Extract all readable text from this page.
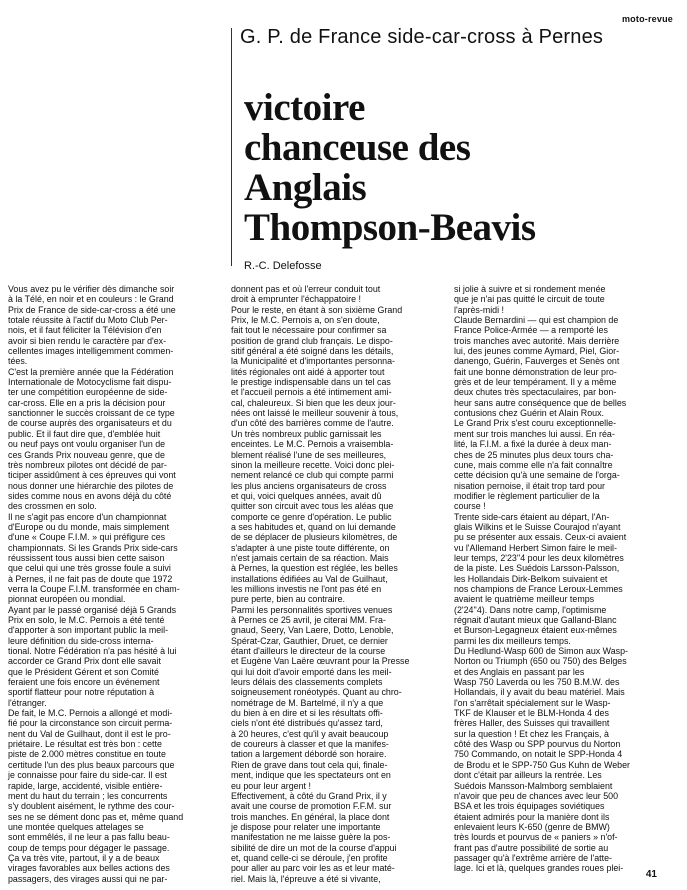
moto-revue
G. P. de France side-car-cross à Pernes
victoire
chanceuse des
Anglais
Thompson-Beavis
R.-C. Delefosse

Vous avez pu le vérifier dès dimanche soir
à la Télé, en noir et en couleurs : le Grand
Prix de France de side-car-cross a été une
totale réussite à l'actif du Moto Club Per-
nois, et il faut féliciter la Télévision d'en
avoir si bien rendu le caractère par d'ex-
cellentes images intelligemment commen-
tées.
C'est la première année que la Fédération
Internationale de Motocyclisme fait dispu-
ter une compétition européenne de side-
car-cross. Elle en a pris la décision pour
sanctionner le succès croissant de ce type
de course auprès des organisateurs et du
public. Et il faut dire que, d'emblée huit
ou neuf pays ont voulu organiser l'un de
ces Grands Prix nouveau genre, que de
très nombreux pilotes ont décidé de par-
ticiper assidûment à ces épreuves qui vont
nous donner une hiérarchie des pilotes de
sides comme nous en avons déjà du côté
des crossmen en solo.
Il ne s'agit pas encore d'un championnat
d'Europe ou du monde, mais simplement
d'une « Coupe F.I.M. » qui préfigure ces
championnats. Si les Grands Prix side-cars
réussissent tous aussi bien cette saison
que celui qui une très grosse foule a suivi
à Pernes, il ne fait pas de doute que 1972
verra la Coupe F.I.M. transformée en cham-
pionnat européen ou mondial.
Ayant par le passé organisé déjà 5 Grands
Prix en solo, le M.C. Pernois a été tenté
d'apporter à son important public la meil-
leure définition du side-cross interna-
tional. Notre Fédération n'a pas hésité à lui
accorder ce Grand Prix dont elle savait
que le Président Gérent et son Comité
feraient une fois encore un événement
sportif flatteur pour notre réputation à
l'étranger.
De fait, le M.C. Pernois a allongé et modi-
fié pour la circonstance son circuit perma-
nent du Val de Guilhaut, dont il est le pro-
priétaire. Le résultat est très bon : cette
piste de 2.000 mètres constitue en toute
certitude l'un des plus beaux parcours que
je connaisse pour faire du side-car. Il est
rapide, large, accidenté, visible entière-
ment du haut du terrain ; les concurrents
s'y doublent aisément, le rythme des cour-
ses ne se dément donc pas et, même quand
une montée quelques attelages se
sont emmêlés, il ne leur a pas fallu beau-
coup de temps pour dégager le passage.
Ça va très vite, partout, il y a de beaux
virages favorables aux belles actions des
passagers, des virages aussi qui ne par-

donnent pas et où l'erreur conduit tout
droit à emprunter l'échappatoire !
Pour le reste, en étant à son sixième Grand
Prix, le M.C. Pernois a, on s'en doute,
fait tout le nécessaire pour confirmer sa
position de grand club français. Le dispo-
sitif général a été soigné dans les détails,
la Municipalité et d'importantes personna-
lités régionales ont aidé à apporter tout
le prestige indispensable dans un tel cas
et l'accueil pernois a été intimement ami-
cal, chaleureux. Si bien que les deux jour-
nées ont laissé le meilleur souvenir à tous,
d'un côté des barrières comme de l'autre.
Un très nombreux public garnissait les
enceintes. Le M.C. Pernois a vraisembla-
blement réalisé l'une de ses meilleures,
sinon la meilleure recette. Voici donc plei-
nement relancé ce club qui compte parmi
les plus anciens organisateurs de cross
et qui, voici quelques années, avait dû
quitter son circuit avec tous les aléas que
comporte ce genre d'opération. Le public
a ses habitudes et, quand on lui demande
de se déplacer de plusieurs kilomètres, de
s'adapter à une piste toute différente, on
n'est jamais certain de sa réaction. Mais
à Pernes, la question est réglée, les belles
installations édifiées au Val de Guilhaut,
les millions investis ne l'ont pas été en
pure perte, bien au contraire.
Parmi les personnalités sportives venues
à Pernes ce 25 avril, je citerai MM. Fra-
gnaud, Seery, Van Laere, Dotto, Lenoble,
Spérat-Czar, Gauthier, Druet, ce dernier
étant d'ailleurs le directeur de la course
et Eugène Van Laëre œuvrant pour la Presse
qui lui doit d'avoir emporté dans les meil-
leurs délais des classements complets
soigneusement ronéotypés. Quant au chro-
nométrage de M. Bartelmé, il n'y a que
du bien à en dire et si les résultats offi-
ciels n'ont été distribués qu'assez tard,
à 20 heures, c'est qu'il y avait beaucoup
de coureurs à classer et que la manifes-
tation a largement débordé son horaire.
Rien de grave dans tout cela qui, finale-
ment, indique que les spectateurs ont en
eu pour leur argent !
Effectivement, à côté du Grand Prix, il y
avait une course de promotion F.F.M. sur
trois manches. En général, la place dont
je dispose pour relater une importante
manifestation ne me laisse guère la pos-
sibilité de dire un mot de la course d'appui
et, quand celle-ci se déroule, j'en profite
pour aller au parc voir les as et leur maté-
riel. Mais là, l'épreuve a été si vivante,

si jolie à suivre et si rondement menée
que je n'ai pas quitté le circuit de toute
l'après-midi !
Claude Bernardini — qui est champion de
France Police-Armée — a remporté les
trois manches avec autorité. Mais derrière
lui, des jeunes comme Aymard, Piel, Gior-
danengo, Guérin, Fauverges et Senès ont
fait une bonne démonstration de leur pro-
grès et de leur tempérament. Il y a même
deux chutes très spectaculaires, par bon-
heur sans autre conséquence que de belles
contusions chez Guérin et Alain Roux.
Le Grand Prix s'est couru exceptionnelle-
ment sur trois manches lui aussi. En réa-
lité, la F.I.M. a fixé la durée à deux man-
ches de 25 minutes plus deux tours cha-
cune, mais comme elle n'a fait connaître
cette décision qu'à une semaine de l'orga-
nisation pernoise, il était trop tard pour
modifier le règlement particulier de la
course !
Trente side-cars étaient au départ, l'An-
glais Wilkins et le Suisse Courajod n'ayant
pu se présenter aux essais. Ceux-ci avaient
vu l'Allemand Herbert Simon faire le meil-
leur temps, 2'23''4 pour les deux kilomètres
de la piste. Les Suédois Larsson-Palsson,
les Hollandais Dirk-Belkom suivaient et
nos champions de France Leroux-Lemmes
avaient le quatrième meilleur temps
(2'24''4). Dans notre camp, l'optimisme
régnait d'autant mieux que Galland-Blanc
et Burson-Legagneux étaient eux-mêmes
parmi les dix meilleurs temps.
Du Hedlund-Wasp 600 de Simon aux Wasp-
Norton ou Triumph (650 ou 750) des Belges
et des Anglais en passant par les
Wasp 750 Laverda ou les 750 B.M.W. des
Hollandais, il y avait du beau matériel. Mais
l'on s'arrêtait spécialement sur le Wasp-
TKF de Klauser et le BLM-Honda 4 des
frères Haller, des Suisses qui travaillent
sur la question ! Et chez les Français, à
côté des Wasp ou SPP pourvus du Norton
750 Commando, on notait le SPP-Honda 4
de Brodu et le SPP-750 Gus Kuhn de Weber
dont c'était par ailleurs la rentrée. Les
Suédois Mansson-Malmborg semblaient
n'avoir que peu de chances avec leur 500
BSA et les trois équipages soviétiques
étaient admirés pour la manière dont ils
enlevaient leurs K-650 (genre de BMW)
très lourds et pourvus de « paniers » n'of-
frant pas d'autre possibilité de sortie au
passager qu'à l'extrême arrière de l'atte-
lage. Ici et là, quelques grandes roues plei-

41
